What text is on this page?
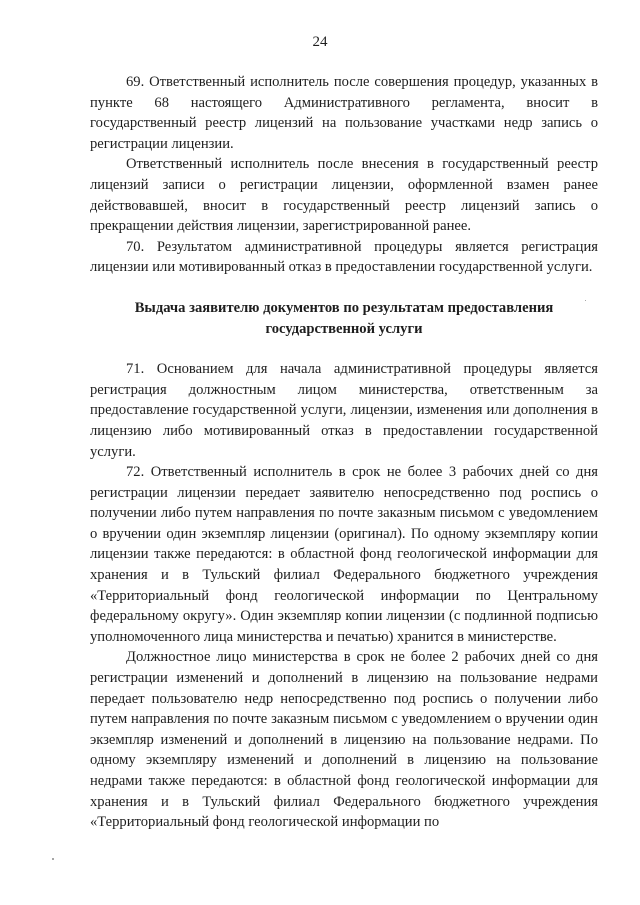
24

69. Ответственный исполнитель после совершения процедур, указанных в пункте 68 настоящего Административного регламента, вносит в государственный реестр лицензий на пользование участками недр запись о регистрации лицензии.

Ответственный исполнитель после внесения в государственный реестр лицензий записи о регистрации лицензии, оформленной взамен ранее действовавшей, вносит в государственный реестр лицензий запись о прекращении действия лицензии, зарегистрированной ранее.

70. Результатом административной процедуры является регистрация лицензии или мотивированный отказ в предоставлении государственной услуги.

Выдача заявителю документов по результатам предоставления государственной услуги

71. Основанием для начала административной процедуры является регистрация должностным лицом министерства, ответственным за предоставление государственной услуги, лицензии, изменения или дополнения в лицензию либо мотивированный отказ в предоставлении государственной услуги.

72. Ответственный исполнитель в срок не более 3 рабочих дней со дня регистрации лицензии передает заявителю непосредственно под роспись о получении либо путем направления по почте заказным письмом с уведомлением о вручении один экземпляр лицензии (оригинал). По одному экземпляру копии лицензии также передаются: в областной фонд геологической информации для хранения и в Тульский филиал Федерального бюджетного учреждения «Территориальный фонд геологической информации по Центральному федеральному округу». Один экземпляр копии лицензии (с подлинной подписью уполномоченного лица министерства и печатью) хранится в министерстве.

Должностное лицо министерства в срок не более 2 рабочих дней со дня регистрации изменений и дополнений в лицензию на пользование недрами передает пользователю недр непосредственно под роспись о получении либо путем направления по почте заказным письмом с уведомлением о вручении один экземпляр изменений и дополнений в лицензию на пользование недрами. По одному экземпляру изменений и дополнений в лицензию на пользование недрами также передаются: в областной фонд геологической информации для хранения и в Тульский филиал Федерального бюджетного учреждения «Территориальный фонд геологической информации по
